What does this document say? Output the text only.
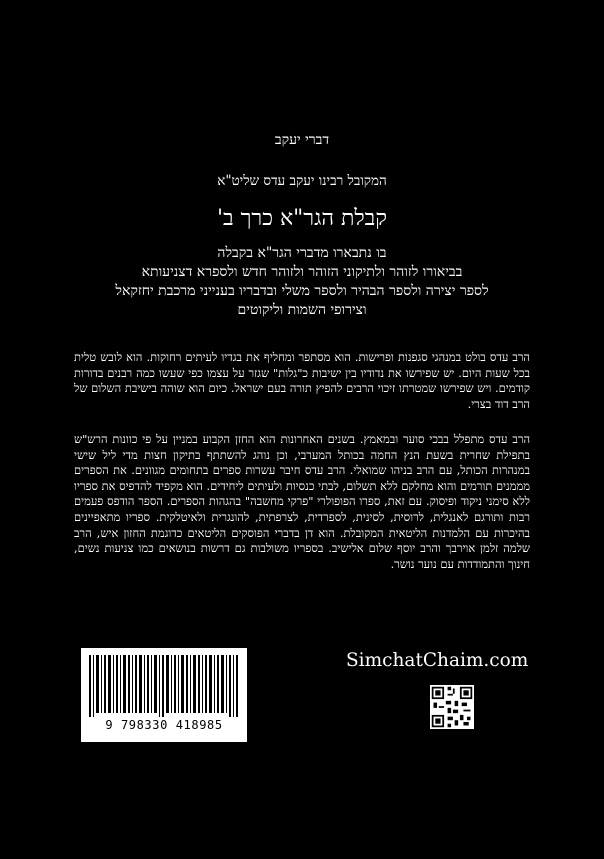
דברי יעקב
המקובל רבינו יעקב עדס שליט"א
קבלת הגר"א כרך ב'
בו נתבארו מדברי הגר"א בקבלה
בביאורו לזוהר ולתיקוני הזוהר ולזוהר חדש ולספרא דצניעותא
לספר יצירה ולספר הבהיר ולספר משלי ובדבריו בענייני מרכבת יחזקאל
וצירופי השמות וליקוטים

הרב עדס בולט במנהגי סגפנות ופרישות. הוא מסתפר ומחליף את בגדיו לעיתים רחוקות. הוא לובש טלית בכל שעות היום. יש שפירשו את נדודיו בין ישיבות כ"גלות" שגזר על עצמו כפי שעשו כמה רבנים בדורות קודמים. ויש שפירשו שמטרתו זיכוי הרבים להפיץ תורה בעם ישראל. כיום הוא שוהה בישיבת השלום של הרב דוד בצרי.

הרב עדס מתפלל בבכי סוער ובמאמץ. בשנים האחרונות הוא החזן הקבוע במניין על פי כוונות הרש"ש בתפילת שחרית בשעת הנץ החמה בכותל המערבי, וכן נוהג להשתתף בתיקון חצות מדי ליל שישי במנהרות הכותל, עם הרב בניהו שמואלי. הרב עדס חיבר עשרות ספרים בתחומים מגוונים. את הספרים מממנים תורמים והוא מחלקם ללא תשלום, לבתי כנסיות ולעיתים ליחידים. הוא מקפיד להדפיס את ספריו ללא סימני ניקוד ופיסוק. עם זאת, ספרו הפופולרי "פרקי מחשבה" בהגהות הספרים. הספר הודפס פעמים רבות ותורגם לאנגלית, לרוסית, לסינית, לספרדית, לצרפתית, להונגרית ולאיטלקית. ספריו מתאפיינים בהיכרות עם הלמדנות הליטאית המקובלת. הוא דן בדברי הפוסקים הליטאים כדוגמת החזון איש, הרב שלמה זלמן אוירבך והרב יוסף שלום אלישיב. בספריו משולבות גם דרשות בנושאים כמו צניעות נשים, חינוך והתמודדות עם נוער נושר.

9 798330 418985
SimchatChaim.com
